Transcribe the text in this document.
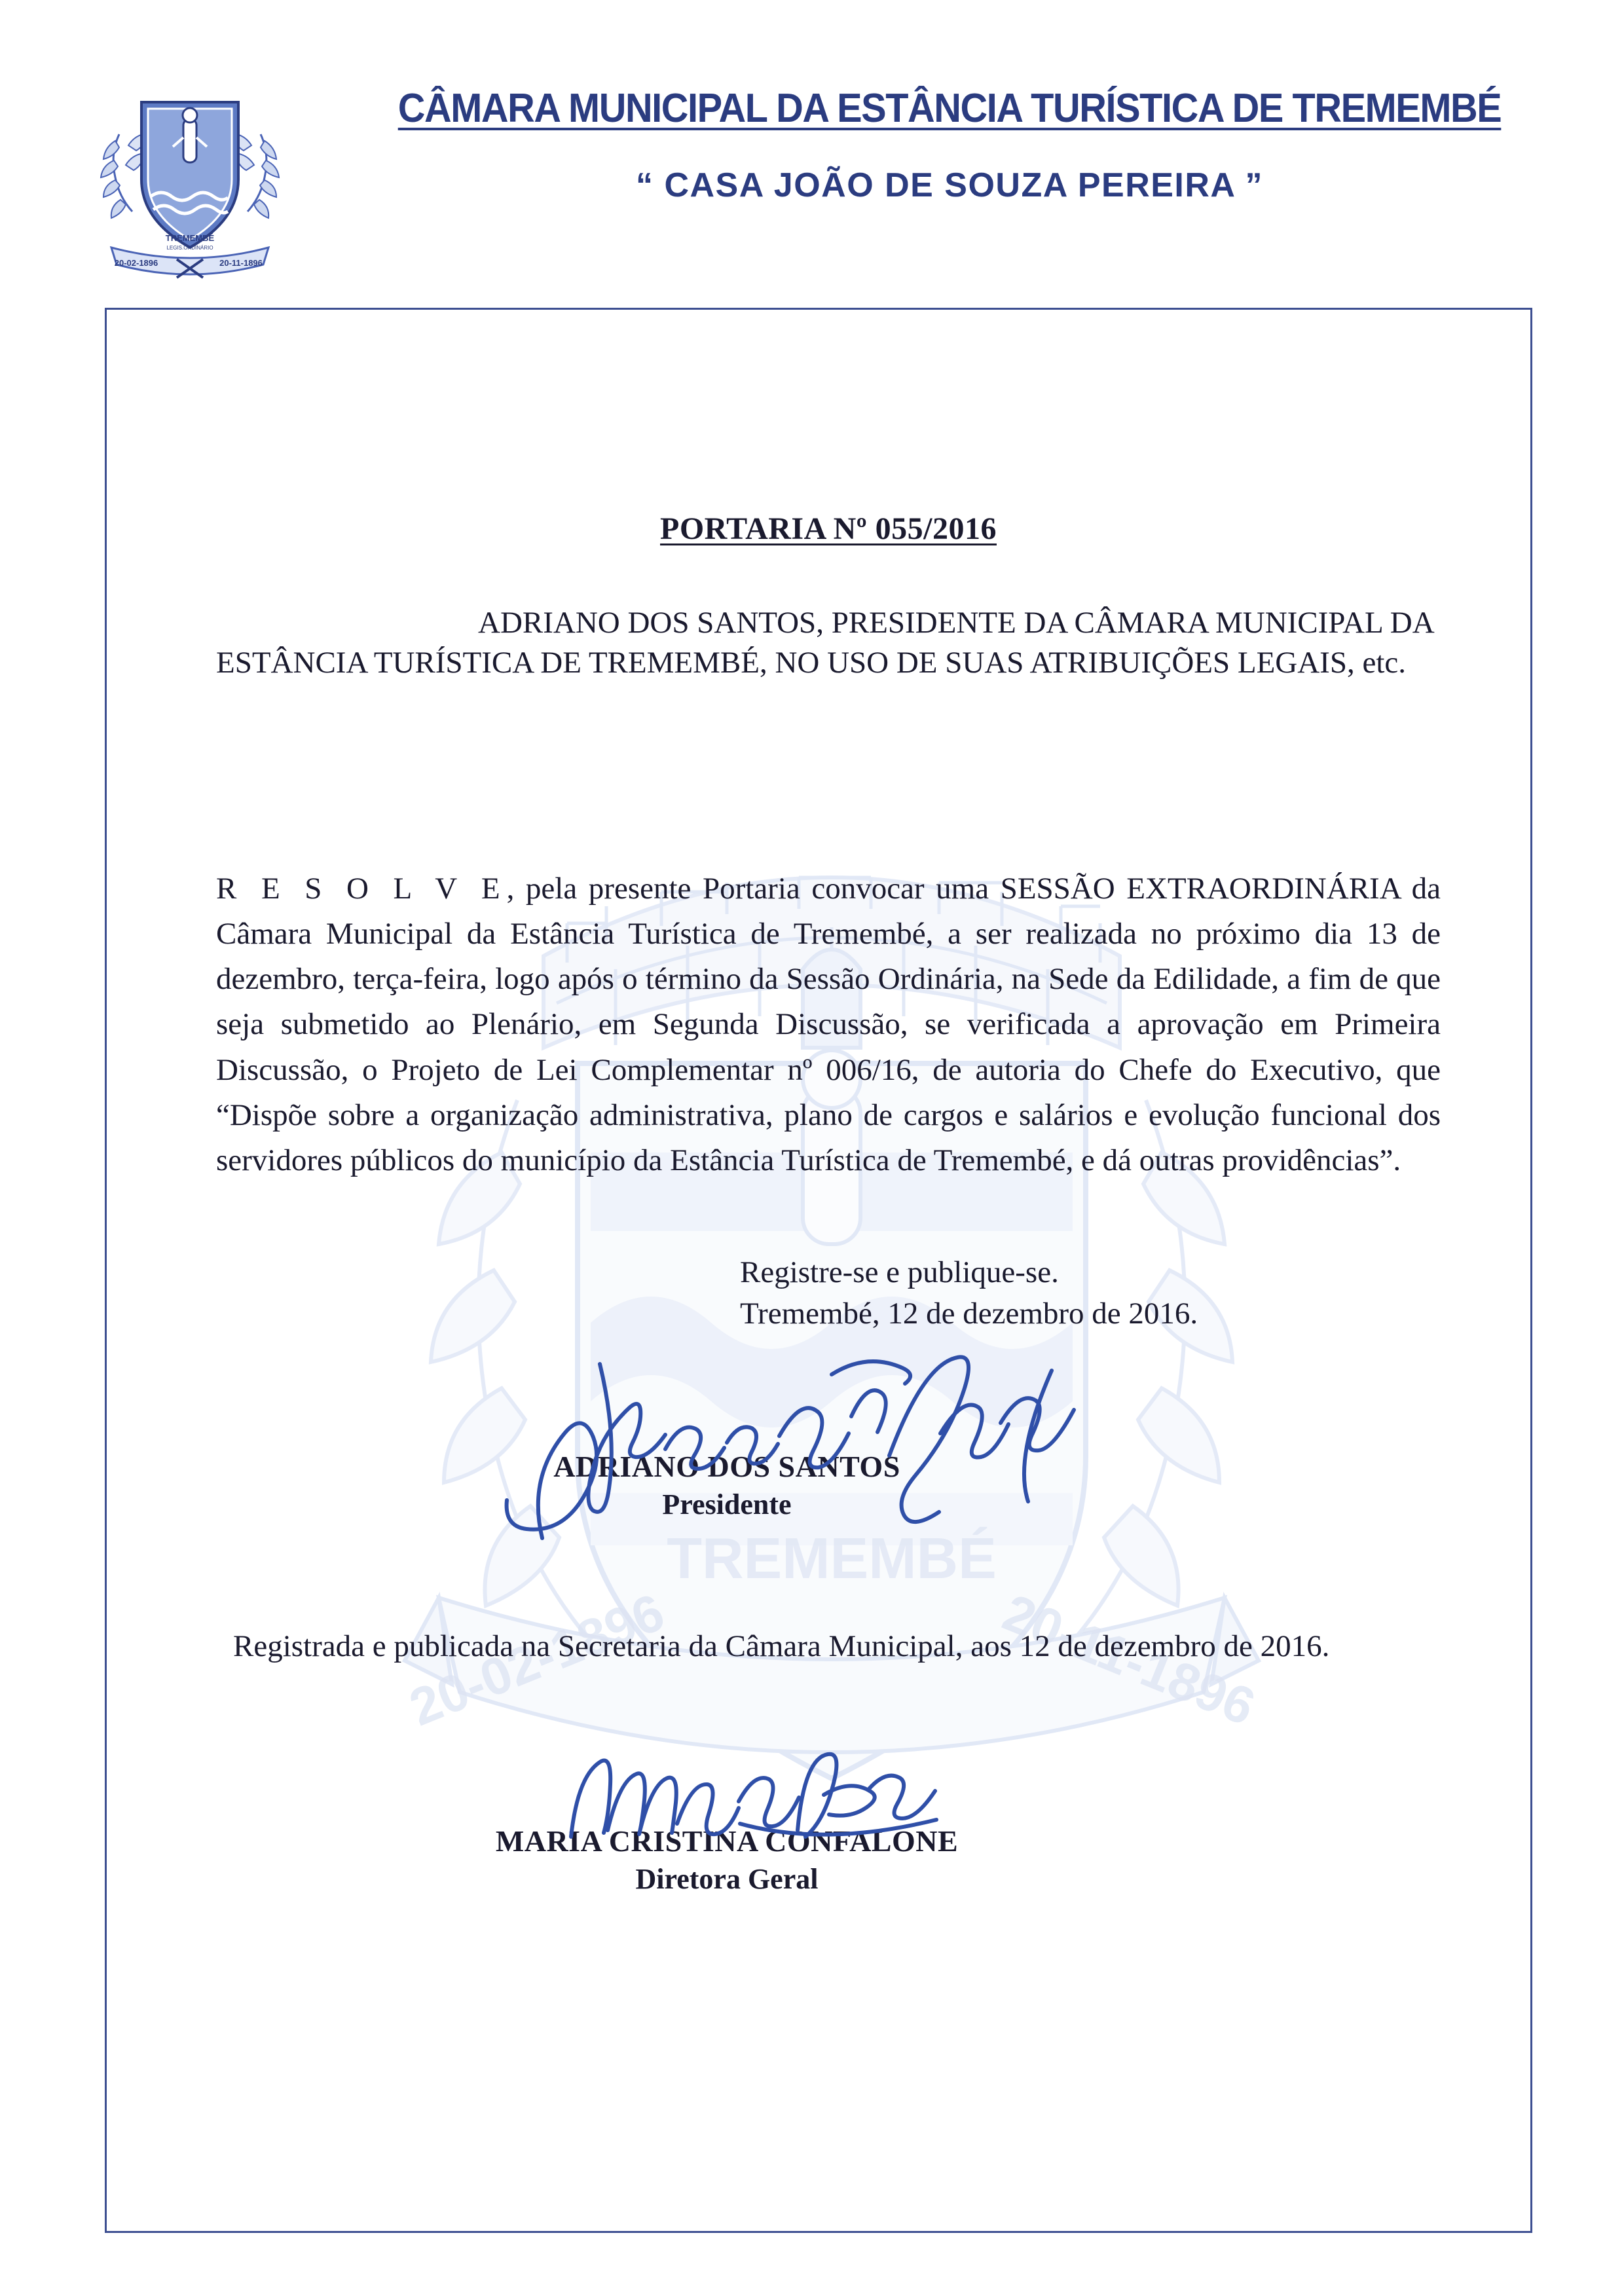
TREMEMBÉ
LEGIS.ORDINÁRIO
20-02-1896	20-11-1896
CÂMARA MUNICIPAL DA ESTÂNCIA TURÍSTICA DE TREMEMBÉ
“ CASA JOÃO DE SOUZA PEREIRA ”
TREMEMBÉ
20-02-1896	20-11-1896
PORTARIA Nº 055/2016
ADRIANO DOS SANTOS, PRESIDENTE DA CÂMARA MUNICIPAL DA ESTÂNCIA TURÍSTICA DE TREMEMBÉ, NO USO DE SUAS ATRIBUIÇÕES LEGAIS, etc.
R E S O L V E, pela presente Portaria convocar uma SESSÃO EXTRAORDINÁRIA da Câmara Municipal da Estância Turística de Tremembé, a ser realizada no próximo dia 13 de dezembro, terça-feira, logo após o término da Sessão Ordinária, na Sede da Edilidade, a fim de que seja submetido ao Plenário, em Segunda Discussão, se verificada a aprovação em Primeira Discussão, o Projeto de Lei Complementar nº 006/16, de autoria do Chefe do Executivo, que “Dispõe sobre a organização administrativa, plano de cargos e salários e evolução funcional dos servidores públicos do município da Estância Turística de Tremembé, e dá outras providências”.
Registre-se e publique-se.
Tremembé, 12 de dezembro de 2016.
ADRIANO DOS SANTOS
Presidente
Registrada e publicada na Secretaria da Câmara Municipal, aos 12 de dezembro de 2016.
MARIA CRISTINA CONFALONE
Diretora Geral
